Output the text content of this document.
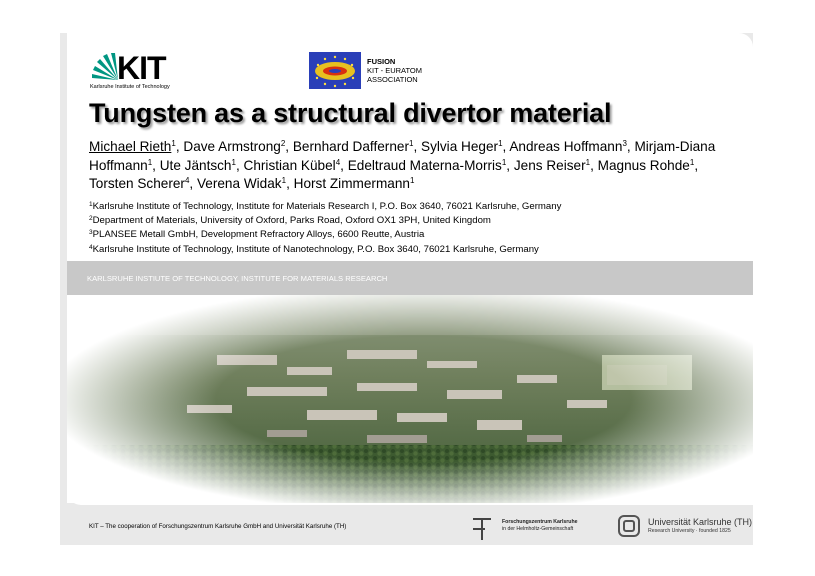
KIT
Karlsruhe Institute of Technology
FUSION
KIT - EURATOM
ASSOCIATION
Tungsten as a structural divertor material
Michael Rieth$^1$, Dave Armstrong$^2$, Bernhard Dafferner$^1$, Sylvia Heger$^1$, Andreas Hoffmann$^3$, Mirjam-Diana Hoffmann$^1$, Ute Jäntsch$^1$, Christian Kübel$^4$, Edeltraud Materna-Morris$^1$, Jens Reiser$^1$, Magnus Rohde$^1$, Torsten Scherer$^4$, Verena Widak$^1$, Horst Zimmermann$^1$
$^1$Karlsruhe Institute of Technology, Institute for Materials Research I, P.O. Box 3640, 76021 Karlsruhe, Germany
$^2$Department of Materials, University of Oxford, Parks Road, Oxford OX1 3PH, United Kingdom
$^3$PLANSEE Metall GmbH, Development Refractory Alloys, 6600 Reutte, Austria
$^4$Karlsruhe Institute of Technology, Institute of Nanotechnology, P.O. Box 3640, 76021 Karlsruhe, Germany
KARLSRUHE INSTIUTE OF TECHNOLOGY, INSTITUTE FOR MATERIALS RESEARCH
KIT – The cooperation of Forschungszentrum Karlsruhe GmbH and Universität Karlsruhe (TH)
Forschungszentrum Karlsruhe
in der Helmholtz-Gemeinschaft
Universität Karlsruhe (TH)
Research University · founded 1825
